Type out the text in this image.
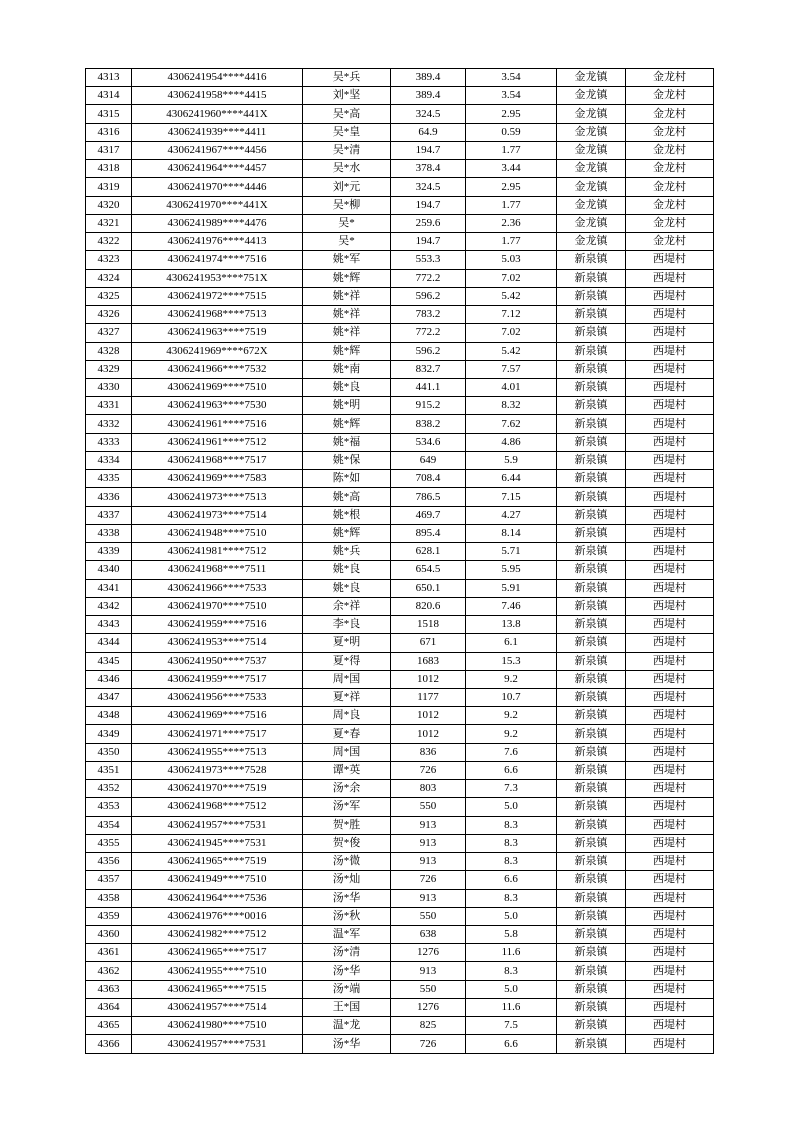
4313	4306241954****4416	吴*兵	389.4	3.54	金龙镇	金龙村
4314	4306241958****4415	刘*坚	389.4	3.54	金龙镇	金龙村
4315	4306241960****441X	吴*高	324.5	2.95	金龙镇	金龙村
4316	4306241939****4411	吴*皇	64.9	0.59	金龙镇	金龙村
4317	4306241967****4456	吴*清	194.7	1.77	金龙镇	金龙村
4318	4306241964****4457	吴*水	378.4	3.44	金龙镇	金龙村
4319	4306241970****4446	刘*元	324.5	2.95	金龙镇	金龙村
4320	4306241970****441X	吴*柳	194.7	1.77	金龙镇	金龙村
4321	4306241989****4476	吴*	259.6	2.36	金龙镇	金龙村
4322	4306241976****4413	吴*	194.7	1.77	金龙镇	金龙村
4323	4306241974****7516	姚*军	553.3	5.03	新泉镇	西堤村
4324	4306241953****751X	姚*辉	772.2	7.02	新泉镇	西堤村
4325	4306241972****7515	姚*祥	596.2	5.42	新泉镇	西堤村
4326	4306241968****7513	姚*祥	783.2	7.12	新泉镇	西堤村
4327	4306241963****7519	姚*祥	772.2	7.02	新泉镇	西堤村
4328	4306241969****672X	姚*辉	596.2	5.42	新泉镇	西堤村
4329	4306241966****7532	姚*南	832.7	7.57	新泉镇	西堤村
4330	4306241969****7510	姚*良	441.1	4.01	新泉镇	西堤村
4331	4306241963****7530	姚*明	915.2	8.32	新泉镇	西堤村
4332	4306241961****7516	姚*辉	838.2	7.62	新泉镇	西堤村
4333	4306241961****7512	姚*福	534.6	4.86	新泉镇	西堤村
4334	4306241968****7517	姚*保	649	5.9	新泉镇	西堤村
4335	4306241969****7583	陈*如	708.4	6.44	新泉镇	西堤村
4336	4306241973****7513	姚*高	786.5	7.15	新泉镇	西堤村
4337	4306241973****7514	姚*根	469.7	4.27	新泉镇	西堤村
4338	4306241948****7510	姚*辉	895.4	8.14	新泉镇	西堤村
4339	4306241981****7512	姚*兵	628.1	5.71	新泉镇	西堤村
4340	4306241968****7511	姚*良	654.5	5.95	新泉镇	西堤村
4341	4306241966****7533	姚*良	650.1	5.91	新泉镇	西堤村
4342	4306241970****7510	余*祥	820.6	7.46	新泉镇	西堤村
4343	4306241959****7516	李*良	1518	13.8	新泉镇	西堤村
4344	4306241953****7514	夏*明	671	6.1	新泉镇	西堤村
4345	4306241950****7537	夏*得	1683	15.3	新泉镇	西堤村
4346	4306241959****7517	周*国	1012	9.2	新泉镇	西堤村
4347	4306241956****7533	夏*祥	1177	10.7	新泉镇	西堤村
4348	4306241969****7516	周*良	1012	9.2	新泉镇	西堤村
4349	4306241971****7517	夏*春	1012	9.2	新泉镇	西堤村
4350	4306241955****7513	周*国	836	7.6	新泉镇	西堤村
4351	4306241973****7528	谭*英	726	6.6	新泉镇	西堤村
4352	4306241970****7519	汤*余	803	7.3	新泉镇	西堤村
4353	4306241968****7512	汤*军	550	5.0	新泉镇	西堤村
4354	4306241957****7531	贺*胜	913	8.3	新泉镇	西堤村
4355	4306241945****7531	贺*俊	913	8.3	新泉镇	西堤村
4356	4306241965****7519	汤*微	913	8.3	新泉镇	西堤村
4357	4306241949****7510	汤*灿	726	6.6	新泉镇	西堤村
4358	4306241964****7536	汤*华	913	8.3	新泉镇	西堤村
4359	4306241976****0016	汤*秋	550	5.0	新泉镇	西堤村
4360	4306241982****7512	温*军	638	5.8	新泉镇	西堤村
4361	4306241965****7517	汤*清	1276	11.6	新泉镇	西堤村
4362	4306241955****7510	汤*华	913	8.3	新泉镇	西堤村
4363	4306241965****7515	汤*端	550	5.0	新泉镇	西堤村
4364	4306241957****7514	王*国	1276	11.6	新泉镇	西堤村
4365	4306241980****7510	温*龙	825	7.5	新泉镇	西堤村
4366	4306241957****7531	汤*华	726	6.6	新泉镇	西堤村
